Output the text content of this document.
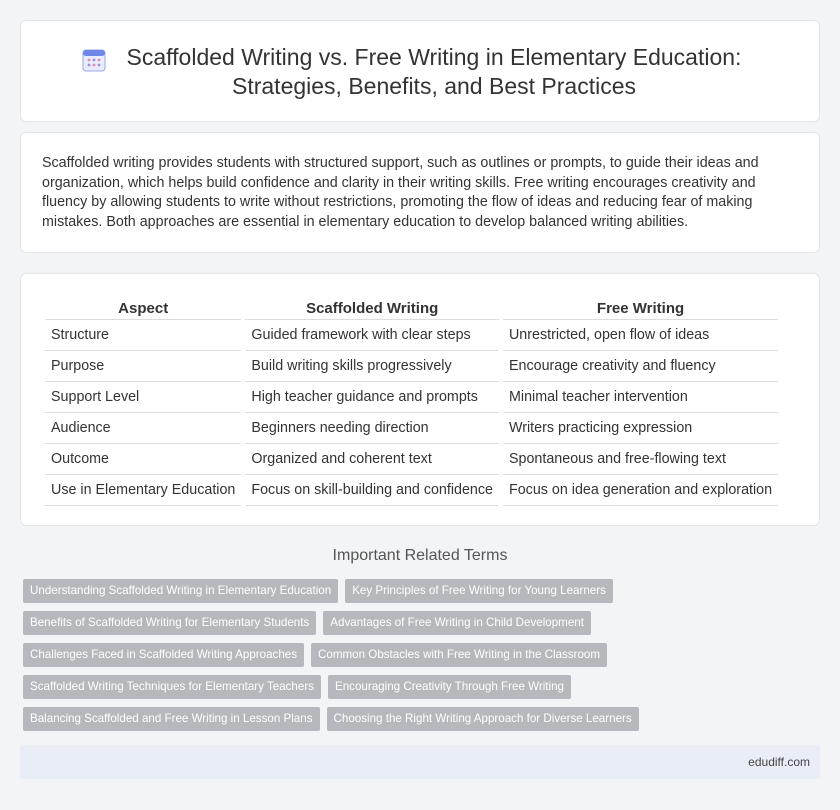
Scaffolded Writing vs. Free Writing in Elementary Education: Strategies, Benefits, and Best Practices

Scaffolded writing provides students with structured support, such as outlines or prompts, to guide their ideas and organization, which helps build confidence and clarity in their writing skills. Free writing encourages creativity and fluency by allowing students to write without restrictions, promoting the flow of ideas and reducing fear of making mistakes. Both approaches are essential in elementary education to develop balanced writing abilities.

Aspect	Scaffolded Writing	Free Writing
Structure	Guided framework with clear steps	Unrestricted, open flow of ideas
Purpose	Build writing skills progressively	Encourage creativity and fluency
Support Level	High teacher guidance and prompts	Minimal teacher intervention
Audience	Beginners needing direction	Writers practicing expression
Outcome	Organized and coherent text	Spontaneous and free-flowing text
Use in Elementary Education	Focus on skill-building and confidence	Focus on idea generation and exploration
Important Related Terms
Understanding Scaffolded Writing in Elementary Education	Key Principles of Free Writing for Young Learners
Benefits of Scaffolded Writing for Elementary Students	Advantages of Free Writing in Child Development
Challenges Faced in Scaffolded Writing Approaches	Common Obstacles with Free Writing in the Classroom
Scaffolded Writing Techniques for Elementary Teachers	Encouraging Creativity Through Free Writing
Balancing Scaffolded and Free Writing in Lesson Plans	Choosing the Right Writing Approach for Diverse Learners
edudiff.com
